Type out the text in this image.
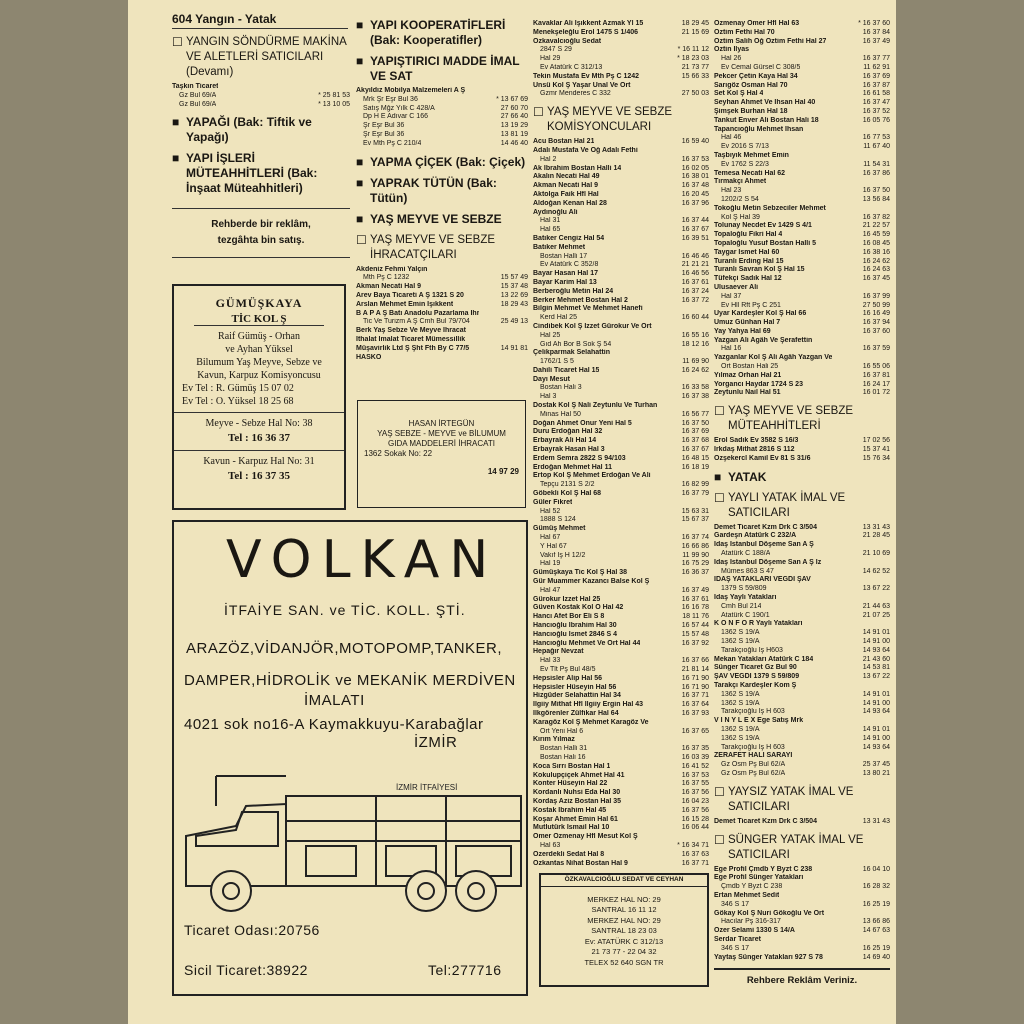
604 Yangın - Yatak
☐ YANGIN SÖNDÜRME MAKİNA VE ALETLERİ SATICILARI (Devamı)
Taşkın Ticaret
Gz Bul 69/A	* 25 81 53
Gz Bul 69/A	* 13 10 05
■ YAPAĞI (Bak: Tiftik ve Yapağı)
■ YAPI İŞLERİ MÜTEAHHİTLERİ (Bak: İnşaat Müteahhitleri)
Rehberde bir reklâm,
tezgâhta bin satış.
GÜMÜŞKAYA
TİC KOL Ş
Raif Gümüş - Orhan
ve Ayhan Yüksel
Bilumum Yaş Meyve, Sebze ve
Kavun, Karpuz Komisyoncusu
Ev Tel : R. Gümüş 15 07 02
Ev Tel : O. Yüksel 18 25 68
Meyve - Sebze Hal No: 38
Tel : 16 36 37
Kavun - Karpuz Hal No: 31
Tel : 16 37 35
■ YAPI KOOPERATİFLERİ (Bak: Kooperatifler)
■ YAPIŞTIRICI MADDE İMAL VE SAT
Akyıldız Mobilya Malzemeleri A Ş
Mrk Şr Eşr Bul 36	* 13 67 69
Satış Mğz Yılk C 428/A	27 60 70
Dp H E Adıvar C 166	27 66 40
Şr Eşr Bul 36	13 19 29
Şr Eşr Bul 36	13 81 19
Ev Mth Pş C 210/4	14 46 40
■ YAPMA ÇİÇEK (Bak: Çiçek)
■ YAPRAK TÜTÜN (Bak: Tütün)
■ YAŞ MEYVE VE SEBZE
☐ YAŞ MEYVE VE SEBZE İHRACATÇILARI
Akdeniz Fehmi Yalçın
Mth Pş C 1232	15 57 49
Akman Necati Hal 9	15 37 48
Arev Baya Ticareti A Ş 1321 S 20	13 22 69
Arslan Mehmet Emin Işıkkent	18 29 43
B A P A Ş Batı Anadolu Pazarlama İhr
Tic Ve Turizm A Ş Cmh Bul 79/704	25 49 13
Berk Yaş Sebze Ve Meyve İhracat
İthalat İmalat Ticaret Mümessillik
Müşavirlik Ltd Ş Şht Fth By C 77/5	14 91 81
HASKO
HASAN İRTEGÜN
YAŞ SEBZE - MEYVE ve BİLUMUM
GIDA MADDELERİ İHRACATI
1362 Sokak No: 22
14 97 29
VOLKAN
İTFAİYE SAN. ve TİC. KOLL. ŞTİ.
ARAZÖZ,VİDANJÖR,MOTOPOMP,TANKER,
DAMPER,HİDROLİK ve MEKANİK MERDİVEN
İMALATI
4021 sok no16-A Kaymakkuyu-Karabağlar
İZMİR
İZMİR İTFAİYESİ
Ticaret Odası:20756
Sicil Ticaret:38922	Tel:277716
Kavaklar Ali Işıkkent Azmak Yl 15	18 29 45
Menekşeleğlu Erol 1475 S 1/406	21 15 69
Özkavalcıoğlu Sedat
2847 S 29	* 16 11 12
Hal 29	* 18 23 03
Ev Atatürk C 312/13	21 73 77
Tekin Mustafa Ev Mth Pş C 1242	15 66 33
Ünsü Kol Ş Yaşar Ünal Ve Ort
Gzmr Menderes C 332	27 50 03
☐ YAŞ MEYVE VE SEBZE KOMİSYONCULARI
Acu Bostan Hal 21	16 59 40
Adalı Mustafa Ve Oğ Adalı Fethi
Hal 2	16 37 53
Ak İbrahim Bostan Halli 14	16 02 05
Akalın Necati Hal 49	16 38 01
Akman Necati Hal 9	16 37 48
Aktolga Faik Hfl Hal	16 20 45
Aldoğan Kenan Hal 28	16 37 96
Aydınoğlu Ali
Hal 31	16 37 44
Hal 65	16 37 67
Batıker Cengiz Hal 54	16 39 51
Batıker Mehmet
Bostan Halli 17	16 46 46
Ev Atatürk C 352/8	21 21 21
Bayar Hasan Hal 17	16 46 56
Bayar Karim Hal 13	16 37 61
Berberoğlu Metin Hal 24	16 37 24
Berker Mehmet Bostan Hal 2	16 37 72
Bilgin Mehmet Ve Mehmet Hanefi
Kerd Hal 25	16 60 44
Cindibek Kol Ş İzzet Gürokur Ve Ort
Hal 25	16 55 16
Gıd Ah Bor B Sok Ş 54	18 12 16
Çelikparmak Selahattin
1762/1 S 5	11 69 90
Dahili Ticaret Hal 15	16 24 62
Dayı Mesut
Bostan Hali 3	16 33 58
Hal 3	16 37 38
Dostak Kol Ş Nali Zeytunlu Ve Turhan
Minas Hal 50	16 56 77
Doğan Ahmet Onur Yeni Hal 5	16 37 50
Duru Erdoğan Hal 32	16 37 69
Erbayrak Ali Hal 14	16 37 68
Erbayrak Hasan Hal 3	16 37 67
Erdem Semra 2822 S 94/103	16 48 15
Erdoğan Mehmet Hal 11	16 18 19
Ertop Kol Ş Mehmet Erdoğan Ve Ali
Tepçu 2131 S 2/2	16 82 99
Göbekli Kol Ş Hal 68	16 37 79
Güler Fikret
Hal 52	15 63 31
1888 S 124	15 67 37
Gümüş Mehmet
Hal 67	16 37 74
Y Hal 67	16 66 86
Vakıf İş H 12/2	11 99 90
Hal 19	16 75 29
Gümüşkaya Tic Kol Ş Hal 38	16 36 37
Gür Muammer Kazancı Balse Kol Ş
Hal 47	16 37 49
Gürokur İzzet Hal 25	16 37 61
Güven Kostak Kol Ö Hal 42	16 16 78
Hancı Afet Bor Eli S 8	18 11 76
Hancıoğlu İbrahim Hal 30	16 57 44
Hancıoğlu İsmet 2846 S 4	15 57 48
Hancıoğlu Mehmet Ve Ort Hal 44	16 37 92
Hepağır Nevzat
Hal 33	16 37 66
Ev Tlt Pş Bul 48/5	21 81 14
Hepsisler Alip Hal 56	16 71 90
Hepsisler Hüseyin Hal 56	16 71 90
Hizgüder Selahattin Hal 34	16 37 71
İlgiiy Mithat Hfl İlgiiy Ergin Hal 43	16 37 64
İlkgörenler Zülfikar Hal 64	16 37 93
Karagöz Kol Ş Mehmet Karagöz Ve
Ort Yeni Hal 6	16 37 65
Kırım Yılmaz
Bostan Halli 31	16 37 35
Bostan Hali 16	16 03 39
Koca Sırrı Bostan Hal 1	16 41 52
Kokulupçiçek Ahmet Hal 41	16 37 53
Konter Hüseyin Hal 22	16 37 55
Kordanlı Nuhsi Eda Hal 30	16 37 56
Kordaş Aziz Bostan Hal 35	16 04 23
Kostak İbrahim Hal 45	16 37 56
Koşar Ahmet Emin Hal 61	16 15 28
Mutlutürk İsmail Hal 10	16 06 44
Ömer Özmenay Hfl Mesut Kol Ş
Hal 63	* 16 34 71
Özerdekli Sedat Hal 8	16 37 63
Özkantas Nihat Bostan Hal 9	16 37 71
ÖZKAVALCIOĞLU SEDAT VE CEYHAN
MERKEZ HAL NO: 29
SANTRAL 16 11 12
MERKEZ HAL NO: 29
SANTRAL 18 23 03
Ev: ATATÜRK C 312/13
21 73 77 - 22 04 32
TELEX 52 640 SGN TR
Özmenay Ömer Hfl Hal 63	* 16 37 60
Öztim Fethi Hal 70	16 37 84
Öztim Salih Oğ Öztim Fethi Hal 27	16 37 49
Öztin İlyas
Hal 26	16 37 77
Ev Cemal Gürsel C 308/5	11 62 91
Pekcer Çetin Kaya Hal 34	16 37 69
Sarıgöz Osman Hal 70	16 37 87
Set Kol Ş Hal 4	16 61 58
Seyhan Ahmet Ve İhsan Hal 40	16 37 47
Şimşek Burhan Hal 18	16 37 52
Tankut Enver Ali Bostan Hali 18	16 05 76
Tapancıoğlu Mehmet İhsan
Hal 46	16 77 53
Ev 2016 S 7/13	11 67 40
Taşbıyık Mehmet Emin
Ev 1762 S 22/3	11 54 31
Temesa Necati Hal 62	16 37 86
Tırmakçı Ahmet
Hal 23	16 37 50
1202/2 S 54	13 56 84
Tokoğlu Metin Sebzeciler Mehmet
Kol Ş Hal 39	16 37 82
Tolunay Necdet Ev 1429 S 4/1	21 22 57
Topaloğlu Fikri Hal 4	16 45 59
Topaloğlu Yusuf Bostan Halli 5	16 08 45
Taygar İsmet Hal 60	16 38 16
Turanlı Erding Hal 15	16 24 62
Turanlı Savran Kol Ş Hal 15	16 24 63
Tüfekçi Sadık Hal 12	16 37 45
Ulusaever Ali
Hal 37	16 37 99
Ev Hll Rft Pş C 251	27 50 99
Uyar Kardeşler Kol Ş Hal 66	16 16 49
Umuz Günhan Hal 7	16 37 94
Yay Yahya Hal 69	16 37 60
Yazgan Ali Agâh Ve Şerafettin
Hal 16	16 37 59
Yazganlar Kol Ş Ali Agâh Yazgan Ve
Ort Bostan Hali 25	16 55 06
Yılmaz Orhan Hal 21	16 37 81
Yorgancı Haydar 1724 S 23	16 24 17
Zeytunlu Nail Hal 51	16 01 72
☐ YAŞ MEYVE VE SEBZE MÜTEAHHİTLERİ
Erol Sadık Ev 3582 S 16/3	17 02 56
İrkdaş Mithat 2816 S 112	15 37 41
Özşekercl Kamil Ev 81 S 31/6	15 76 34
■ YATAK
☐ YAYLI YATAK İMAL VE SATICILARI
Demet Ticaret Kzm Drk C 3/504	13 31 43
Gardeşn Atatürk C 232/A	21 28 45
İdaş İstanbul Döşeme San A Ş
Atatürk C 188/A	21 10 69
İdaş İstanbul Döşeme San A Ş İz
Mümes 863 S 47	14 62 52
İDAŞ YATAKLARI VEGDİ ŞAV
1379 S 59/809	13 67 22
İdaş Yaylı Yatakları
Cmh Bul 214	21 44 63
Atatürk C 190/1	21 07 25
K O N F O R Yaylı Yatakları
1362 S 19/A	14 91 01
1362 S 19/A	14 91 00
Tarakçıoğlu İş H603	14 93 64
Mekan Yatakları Atatürk C 184	21 43 60
Sünger Ticaret Gz Bul 90	14 53 81
ŞAV VEGDİ 1379 S 59/809	13 67 22
Tarakçı Kardeşler Kom Ş
1362 S 19/A	14 91 01
1362 S 19/A	14 91 00
Tarakçıoğlu İş H 603	14 93 64
V İ N Y L E X Ege Satış Mrk
1362 S 19/A	14 91 01
1362 S 19/A	14 91 00
Tarakçıoğlu İş H 603	14 93 64
ZERAFET HALI SARAYI
Gz Osm Pş Bul 62/A	25 37 45
Gz Osm Pş Bul 62/A	13 80 21
☐ YAYSIZ YATAK İMAL VE SATICILARI
Demet Ticaret Kzm Drk C 3/504	13 31 43
☐ SÜNGER YATAK İMAL VE SATICILARI
Ege Profil Çmdb Y Byzt C 238	16 04 10
Ege Profil Sünger Yatakları
Çmdb Y Byzt C 238	16 28 32
Ertan Mehmet Sedit
346 S 17	16 25 19
Gökay Kol Ş Nuri Gökoğlu Ve Ort
Hacılar Pş 316-317	13 66 86
Özer Selami 1330 S 14/A	14 67 63
Serdar Ticaret
346 S 17	16 25 19
Yaytaş Sünger Yatakları 927 S 78	14 69 40
Rehbere Reklâm Veriniz.
